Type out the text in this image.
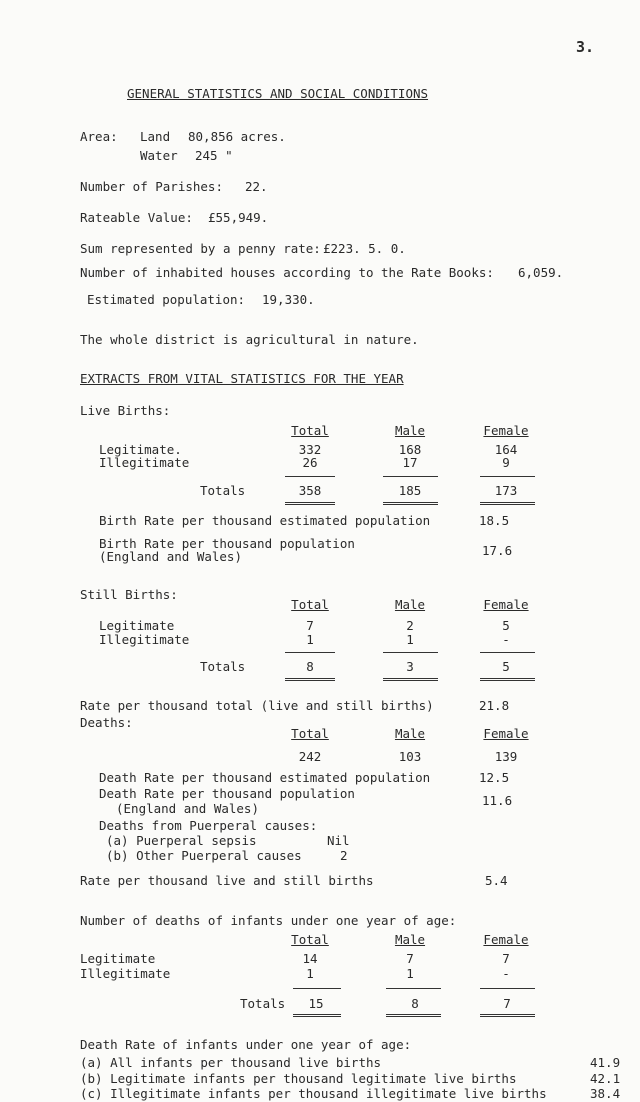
3.
GENERAL STATISTICS AND SOCIAL CONDITIONS
Area: Land 80,856 acres.
Water 245 "
Number of Parishes: 22.
Rateable Value: £55,949.
Sum represented by a penny rate: £223. 5. 0.
Number of inhabited houses according to the Rate Books: 6,059.
Estimated population: 19,330.
The whole district is agricultural in nature.
EXTRACTS FROM VITAL STATISTICS FOR THE YEAR
Live Births:
Total	Male	Female
Legitimate.	332	168	164
Illegitimate	26	17	9
Totals	358	185	173
Birth Rate per thousand estimated population	18.5
Birth Rate per thousand population
(England and Wales)	17.6
Still Births:
Total	Male	Female
Legitimate	7	2	5
Illegitimate	1	1	-
Totals	8	3	5
Rate per thousand total (live and still births)	21.8
Deaths:
Total	Male	Female
242	103	139
Death Rate per thousand estimated population	12.5
Death Rate per thousand population
(England and Wales)
11.6
Deaths from Puerperal causes:
(a) Puerperal sepsis	Nil
(b) Other Puerperal causes	2
Rate per thousand live and still births	5.4
Number of deaths of infants under one year of age:
Total	Male	Female
Legitimate	14	7	7
Illegitimate	1	1	-
Totals	15	8	7
Death Rate of infants under one year of age:
(a) All infants per thousand live births	41.9
(b) Legitimate infants per thousand legitimate live births	42.1
(c) Illegitimate infants per thousand illegitimate live births	38.4
